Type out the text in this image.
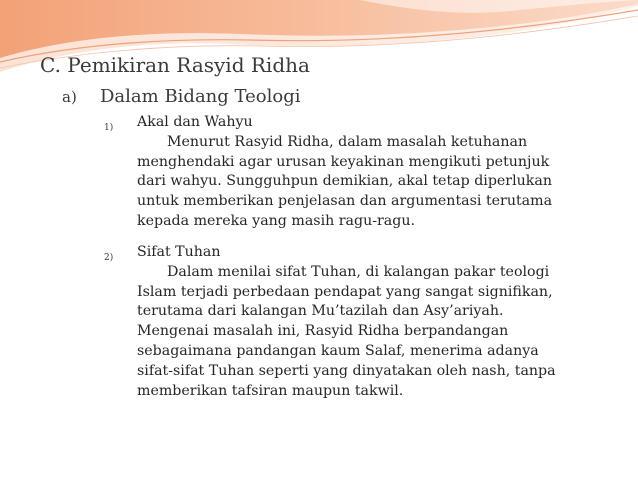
C. Pemikiran Rasyid Ridha
a) Dalam Bidang Teologi
1) Akal dan Wahyu

Menurut Rasyid Ridha, dalam masalah ketuhanan

menghendaki agar urusan keyakinan mengikuti petunjuk

dari wahyu. Sungguhpun demikian, akal tetap diperlukan

untuk memberikan penjelasan dan argumentasi terutama

kepada mereka yang masih ragu-ragu.

2) Sifat Tuhan

Dalam menilai sifat Tuhan, di kalangan pakar teologi

Islam terjadi perbedaan pendapat yang sangat signifikan,

terutama dari kalangan Mu’tazilah dan Asy’ariyah.

Mengenai masalah ini, Rasyid Ridha berpandangan

sebagaimana pandangan kaum Salaf, menerima adanya

sifat-sifat Tuhan seperti yang dinyatakan oleh nash, tanpa

memberikan tafsiran maupun takwil.
